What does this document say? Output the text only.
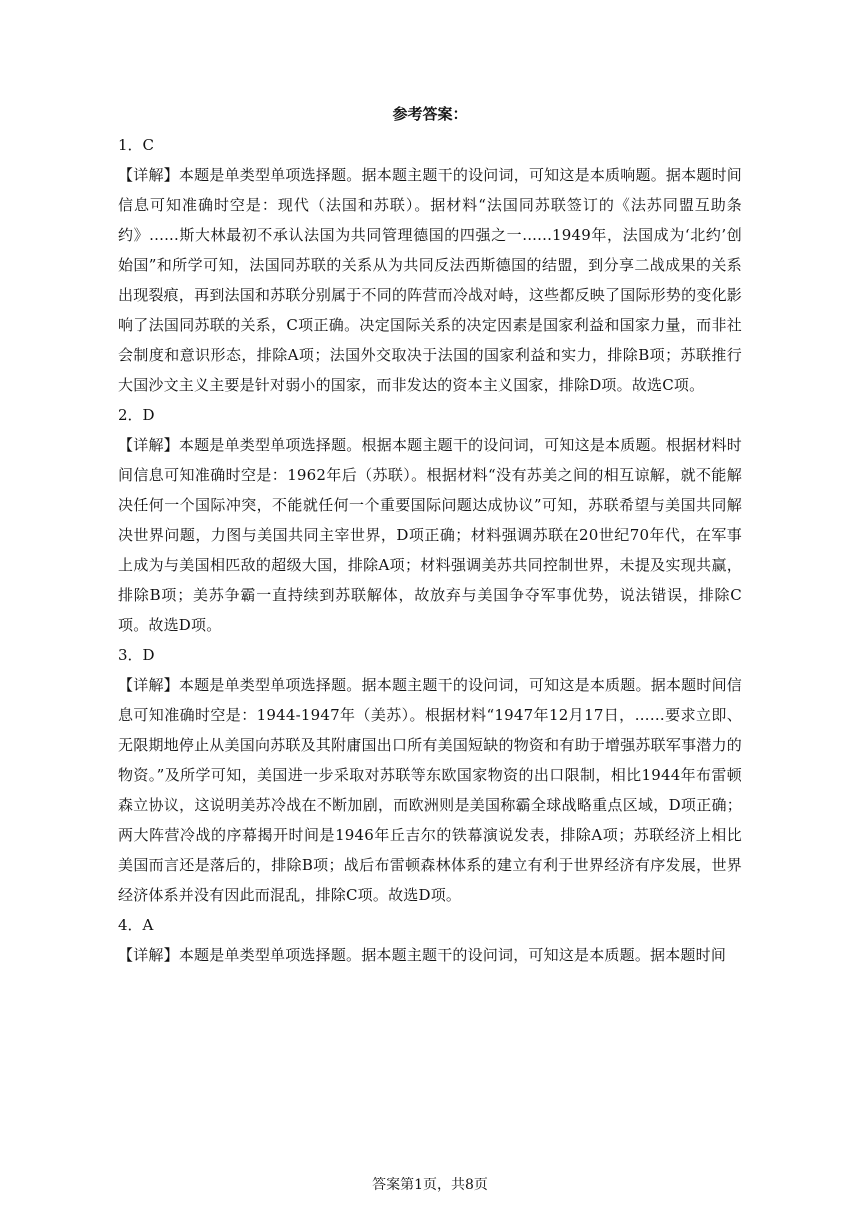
参考答案：

1．C

【详解】本题是单类型单项选择题。据本题主题干的设问词，可知这是本质响题。据本题时间信息可知准确时空是：现代（法国和苏联）。据材料“法国同苏联签订的《法苏同盟互助条约》......斯大林最初不承认法国为共同管理德国的四强之一......1949年，法国成为‘北约’创始国”和所学可知，法国同苏联的关系从为共同反法西斯德国的结盟，到分享二战成果的关系出现裂痕，再到法国和苏联分别属于不同的阵营而冷战对峙，这些都反映了国际形势的变化影响了法国同苏联的关系，C项正确。决定国际关系的决定因素是国家利益和国家力量，而非社会制度和意识形态，排除A项；法国外交取决于法国的国家利益和实力，排除B项；苏联推行大国沙文主义主要是针对弱小的国家，而非发达的资本主义国家，排除D项。故选C项。

2．D

【详解】本题是单类型单项选择题。根据本题主题干的设问词，可知这是本质题。根据材料时间信息可知准确时空是：1962年后（苏联）。根据材料“没有苏美之间的相互谅解，就不能解决任何一个国际冲突，不能就任何一个重要国际问题达成协议”可知，苏联希望与美国共同解决世界问题，力图与美国共同主宰世界，D项正确；材料强调苏联在20世纪70年代，在军事上成为与美国相匹敌的超级大国，排除A项；材料强调美苏共同控制世界，未提及实现共赢，排除B项；美苏争霸一直持续到苏联解体，故放弃与美国争夺军事优势，说法错误，排除C项。故选D项。

3．D

【详解】本题是单类型单项选择题。据本题主题干的设问词，可知这是本质题。据本题时间信息可知准确时空是：1944-1947年（美苏）。根据材料“1947年12月17日，……要求立即、无限期地停止从美国向苏联及其附庸国出口所有美国短缺的物资和有助于增强苏联军事潜力的物资。”及所学可知，美国进一步采取对苏联等东欧国家物资的出口限制，相比1944年布雷顿森立协议，这说明美苏冷战在不断加剧，而欧洲则是美国称霸全球战略重点区域，D项正确；两大阵营冷战的序幕揭开时间是1946年丘吉尔的铁幕演说发表，排除A项；苏联经济上相比美国而言还是落后的，排除B项；战后布雷顿森林体系的建立有利于世界经济有序发展，世界经济体系并没有因此而混乱，排除C项。故选D项。

4．A

【详解】本题是单类型单项选择题。据本题主题干的设问词，可知这是本质题。据本题时间

答案第1页，共8页
